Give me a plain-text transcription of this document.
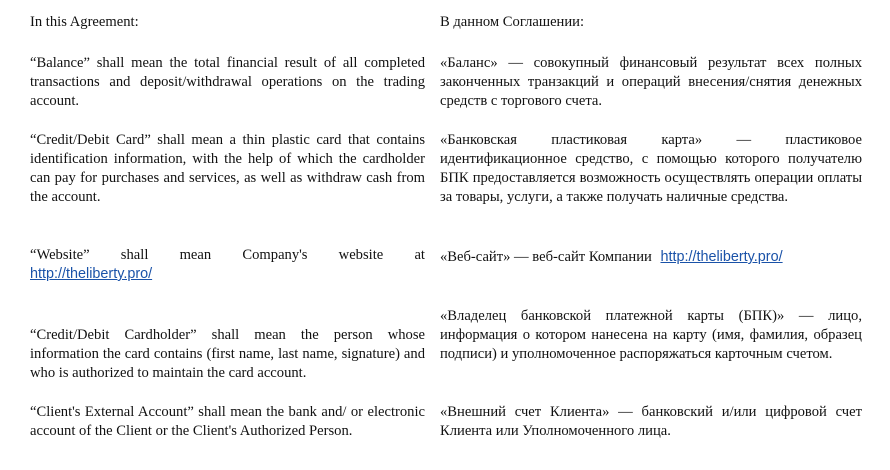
In this Agreement:

“Balance” shall mean the total financial result of all completed transactions and deposit/withdrawal operations on the trading account.

“Credit/Debit Card” shall mean a thin plastic card that contains identification information, with the help of which the cardholder can pay for purchases and services, as well as withdraw cash from the account.

“Website” shall mean Company's website at
http://theliberty.pro/

“Credit/Debit Cardholder” shall mean the person whose information the card contains (first name, last name, signature) and who is authorized to maintain the card account.

“Client's External Account” shall mean the bank and/ or electronic account of the Client or the Client's Authorized Person.

В данном Соглашении:

«Баланс» — совокупный финансовый результат всех полных законченных транзакций и операций внесения/снятия денежных средств с торгового счета.

«Банковская пластиковая карта» — пластиковое идентификационное средство, с помощью которого получателю БПК предоставляется возможность осуществлять операции оплаты за товары, услуги, а также получать наличные средства.

«Веб-сайт» — веб-сайт Компании http://theliberty.pro/

«Владелец банковской платежной карты (БПК)» — лицо, информация о котором нанесена на карту (имя, фамилия, образец подписи) и уполномоченное распоряжаться карточным счетом.

«Внешний счет Клиента» — банковский и/или цифровой счет Клиента или Уполномоченного лица.
